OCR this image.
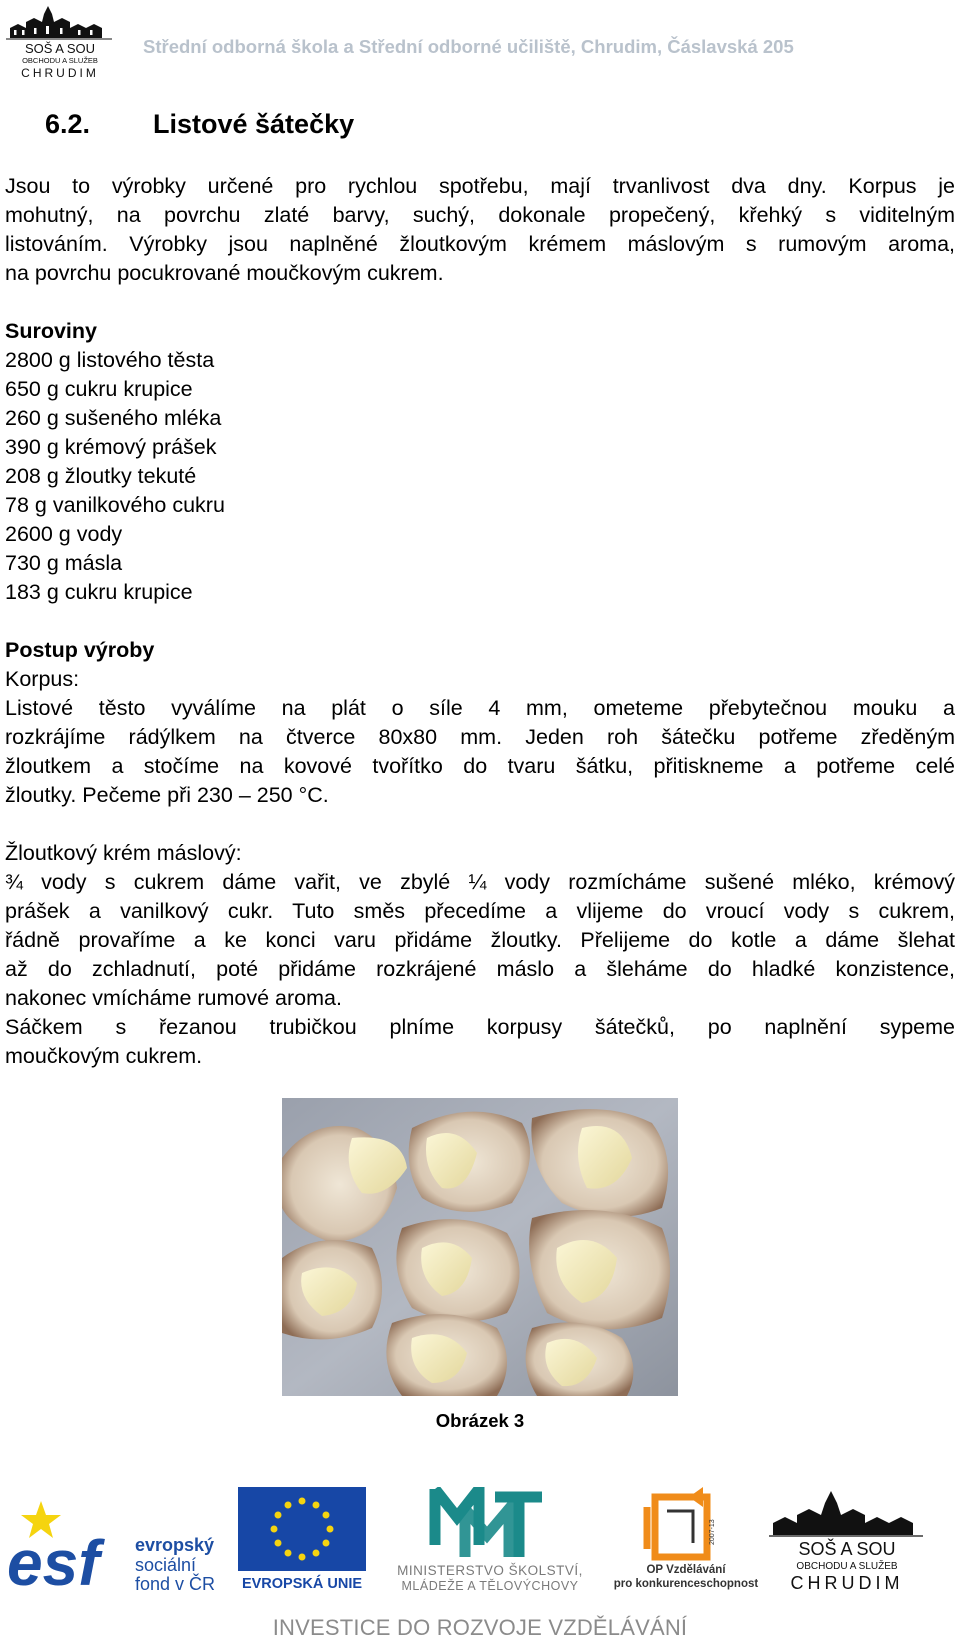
SOŠ A SOU
OBCHODU A SLUŽEB
CHRUDIM
Střední odborná škola a Střední odborné učiliště, Chrudim, Čáslavská 205
6.2. Listové šátečky
Jsou to výrobky určené pro rychlou spotřebu, mají trvanlivost dva dny. Korpus je
mohutný, na povrchu zlaté barvy, suchý, dokonale propečený, křehký s viditelným
listováním. Výrobky jsou naplněné žloutkovým krémem máslovým s rumovým aroma,
na povrchu pocukrované moučkovým cukrem.
Suroviny
2800 g listového těsta
650 g cukru krupice
260 g sušeného mléka
390 g krémový prášek
208 g žloutky tekuté
78 g vanilkového cukru
2600 g vody
730 g másla
183 g cukru krupice
Postup výroby
Korpus:
Listové těsto vyválíme na plát o síle 4 mm, ometeme přebytečnou mouku a
rozkrájíme rádýlkem na čtverce 80x80 mm. Jeden roh šátečku potřeme zředěným
žloutkem a stočíme na kovové tvořítko do tvaru šátku, přitiskneme a potřeme celé
žloutky. Pečeme při 230 – 250 °C.
Žloutkový krém máslový:
¾ vody s cukrem dáme vařit, ve zbylé ¼ vody rozmícháme sušené mléko, krémový
prášek a vanilkový cukr. Tuto směs přecedíme a vlijeme do vroucí vody s cukrem,
řádně provaříme a ke konci varu přidáme žloutky. Přelijeme do kotle a dáme šlehat
až do zchladnutí, poté přidáme rozkrájené máslo a šleháme do hladké konzistence,
nakonec vmícháme rumové aroma.
Sáčkem s řezanou trubičkou plníme korpusy šátečků, po naplnění sypeme
moučkovým cukrem.
Obrázek 3
esf	evropský
sociální
fond v ČR EVROPSKÁ UNIE
MINISTERSTVO ŠKOLSTVÍ,
MLÁDEŽE A TĚLOVÝCHOVY
2007-13
OP Vzdělávání
pro konkurenceschopnost
SOŠ A SOU
OBCHODU A SLUŽEB
CHRUDIM
INVESTICE DO ROZVOJE VZDĚLÁVÁNÍ
